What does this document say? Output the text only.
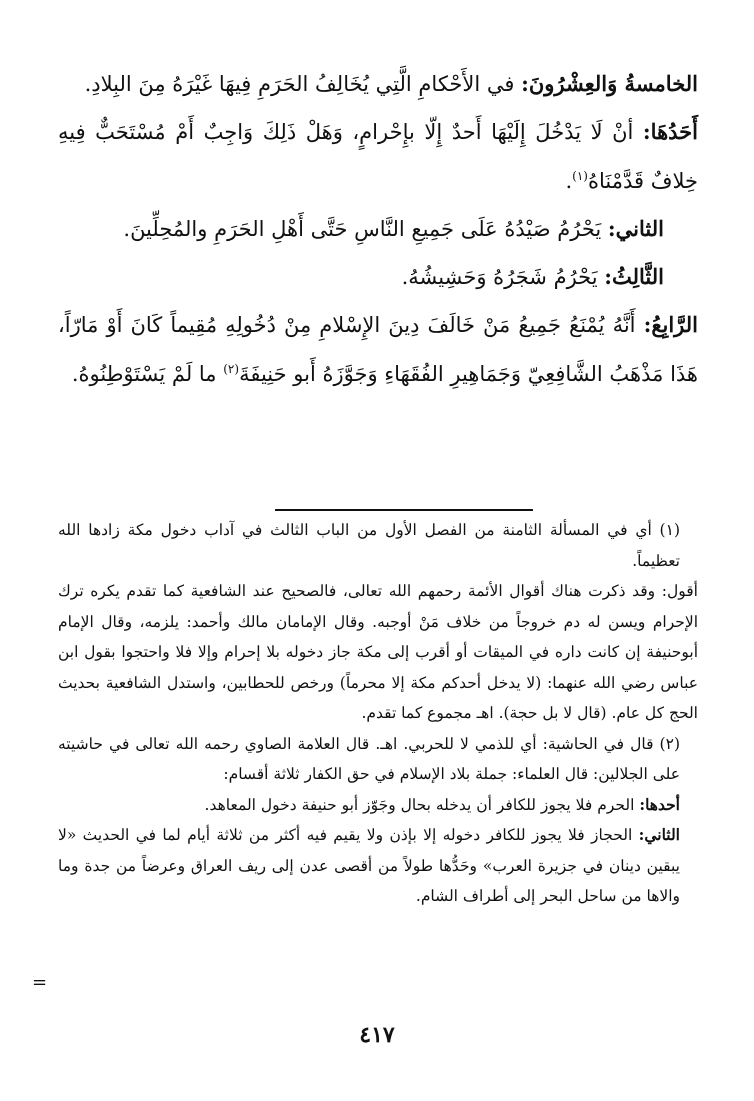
الخامسةُ وَالعِشْرُونَ: في الأَحْكامِ الَّتِي يُخَالِفُ الحَرَمِ فِيهَا غَيْرَهُ مِنَ البِلادِ.

أَحَدُهَا: أنْ لَا يَدْخُلَ إِلَيْهَا أَحدٌ إِلّا بإِحْرامٍ، وَهَلْ ذَلِكَ وَاجِبٌ أَمْ مُسْتَحَبٌّ فِيهِ خِلافٌ قَدَّمْنَاهُ$^{(١)}$.

الثاني: يَحْرُمُ صَيْدُهُ عَلَى جَمِيعِ النَّاسِ حَتَّى أَهْلِ الحَرَمِ والمُحِلِّينَ.

الثَّالِثُ: يَحْرُمُ شَجَرُهُ وَحَشِيشُهُ.

الرَّابِعُ: أَنَّهُ يُمْنَعُ جَمِيعُ مَنْ خَالَفَ دِينَ الإِسْلامِ مِنْ دُخُولِهِ مُقِيماً كَانَ أَوْ مَارّاً، هَذَا مَذْهَبُ الشَّافِعِيّ وَجَمَاهِيرِ الفُقَهَاءِ وَجَوَّزَهُ أَبو حَنِيفَةَ$^{(٢)}$ ما لَمْ يَسْتَوْطِنُوهُ.

(١) أي في المسألة الثامنة من الفصل الأول من الباب الثالث في آداب دخول مكة زادها الله تعظيماً.

أقول: وقد ذكرت هناك أقوال الأئمة رحمهم الله تعالى، فالصحيح عند الشافعية كما تقدم يكره ترك الإحرام ويسن له دم خروجاً من خلاف مَنْ أوجبه. وقال الإمامان مالك وأحمد: يلزمه، وقال الإمام أبوحنيفة إن كانت داره في الميقات أو أقرب إلى مكة جاز دخوله بلا إحرام وإلا فلا واحتجوا بقول ابن عباس رضي الله عنهما: (لا يدخل أحدكم مكة إلا محرماً) ورخص للحطابين، واستدل الشافعية بحديث الحج كل عام. (قال لا بل حجة). اهـ مجموع كما تقدم.

(٢) قال في الحاشية: أي للذمي لا للحربي. اهـ. قال العلامة الصاوي رحمه الله تعالى في حاشيته على الجلالين: قال العلماء: جملة بلاد الإسلام في حق الكفار ثلاثة أقسام:

أحدها: الحرم فلا يجوز للكافر أن يدخله بحال وجَوّز أبو حنيفة دخول المعاهد.

الثاني: الحجاز فلا يجوز للكافر دخوله إلا بإذن ولا يقيم فيه أكثر من ثلاثة أيام لما في الحديث «لا يبقين دينان في جزيرة العرب» وحَدُّها طولاً من أقصى عدن إلى ريف العراق وعرضاً من جدة وما والاها من ساحل البحر إلى أطراف الشام.

=
٤١٧
